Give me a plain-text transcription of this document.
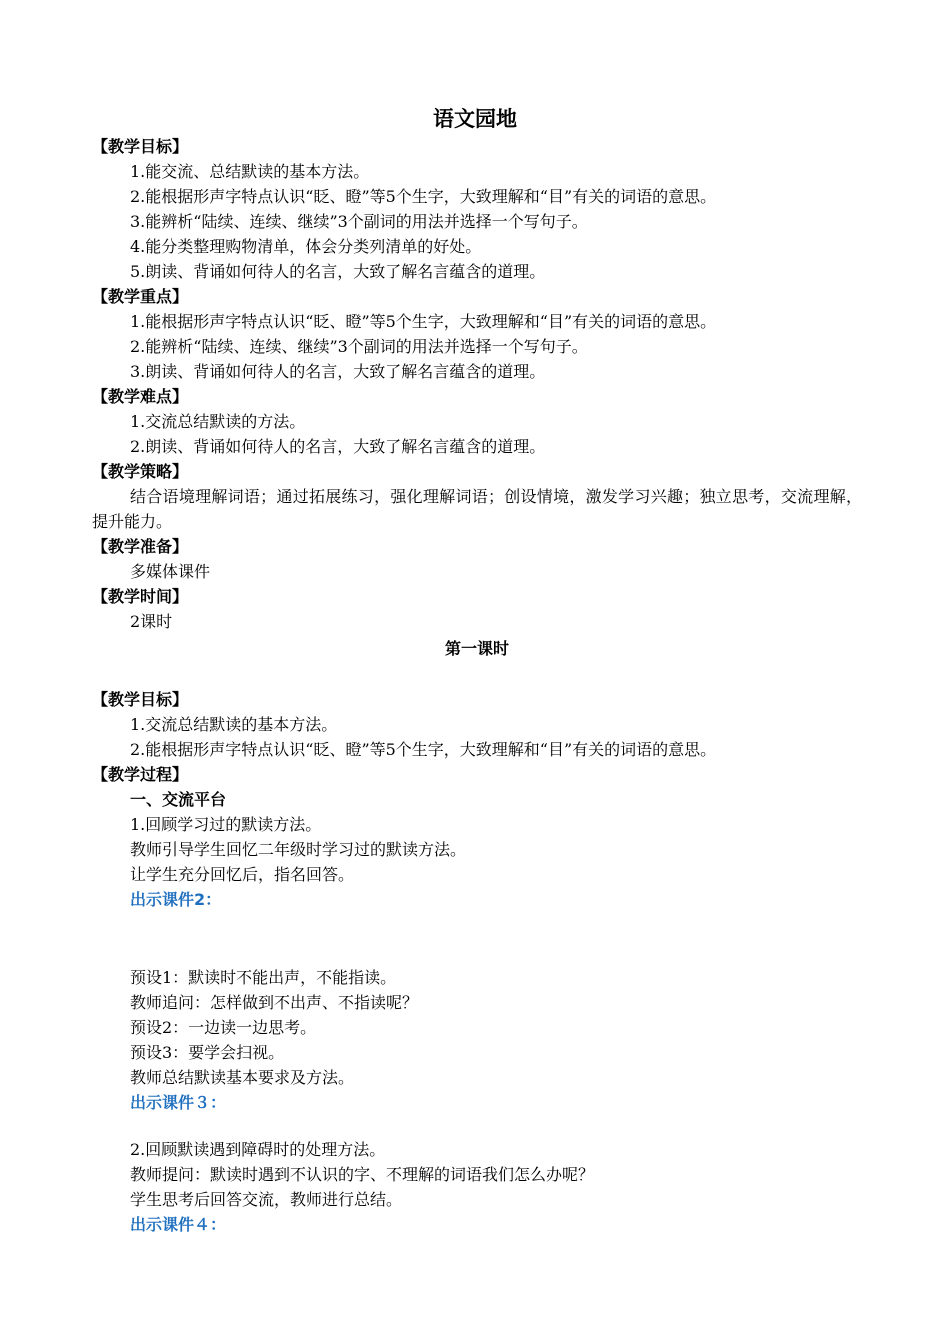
语文园地
【教学目标】
1.能交流、总结默读的基本方法。
2.能根据形声字特点认识“眨、瞪”等5个生字，大致理解和“目”有关的词语的意思。
3.能辨析“陆续、连续、继续”3个副词的用法并选择一个写句子。
4.能分类整理购物清单，体会分类列清单的好处。
5.朗读、背诵如何待人的名言，大致了解名言蕴含的道理。
【教学重点】
1.能根据形声字特点认识“眨、瞪”等5个生字，大致理解和“目”有关的词语的意思。
2.能辨析“陆续、连续、继续”3个副词的用法并选择一个写句子。
3.朗读、背诵如何待人的名言，大致了解名言蕴含的道理。
【教学难点】
1.交流总结默读的方法。
2.朗读、背诵如何待人的名言，大致了解名言蕴含的道理。
【教学策略】
结合语境理解词语；通过拓展练习，强化理解词语；创设情境，激发学习兴趣；独立思考，交流理解，提升能力。
【教学准备】
多媒体课件
【教学时间】
2课时
第一课时
【教学目标】
1.交流总结默读的基本方法。
2.能根据形声字特点认识“眨、瞪”等5个生字，大致理解和“目”有关的词语的意思。
【教学过程】
一、交流平台
1.回顾学习过的默读方法。
教师引导学生回忆二年级时学习过的默读方法。
让学生充分回忆后，指名回答。
出示课件2：
预设1：默读时不能出声，不能指读。
教师追问：怎样做到不出声、不指读呢？
预设2：一边读一边思考。
预设3：要学会扫视。
教师总结默读基本要求及方法。
出示课件３：
2.回顾默读遇到障碍时的处理方法。
教师提问：默读时遇到不认识的字、不理解的词语我们怎么办呢？
学生思考后回答交流，教师进行总结。
出示课件４：
